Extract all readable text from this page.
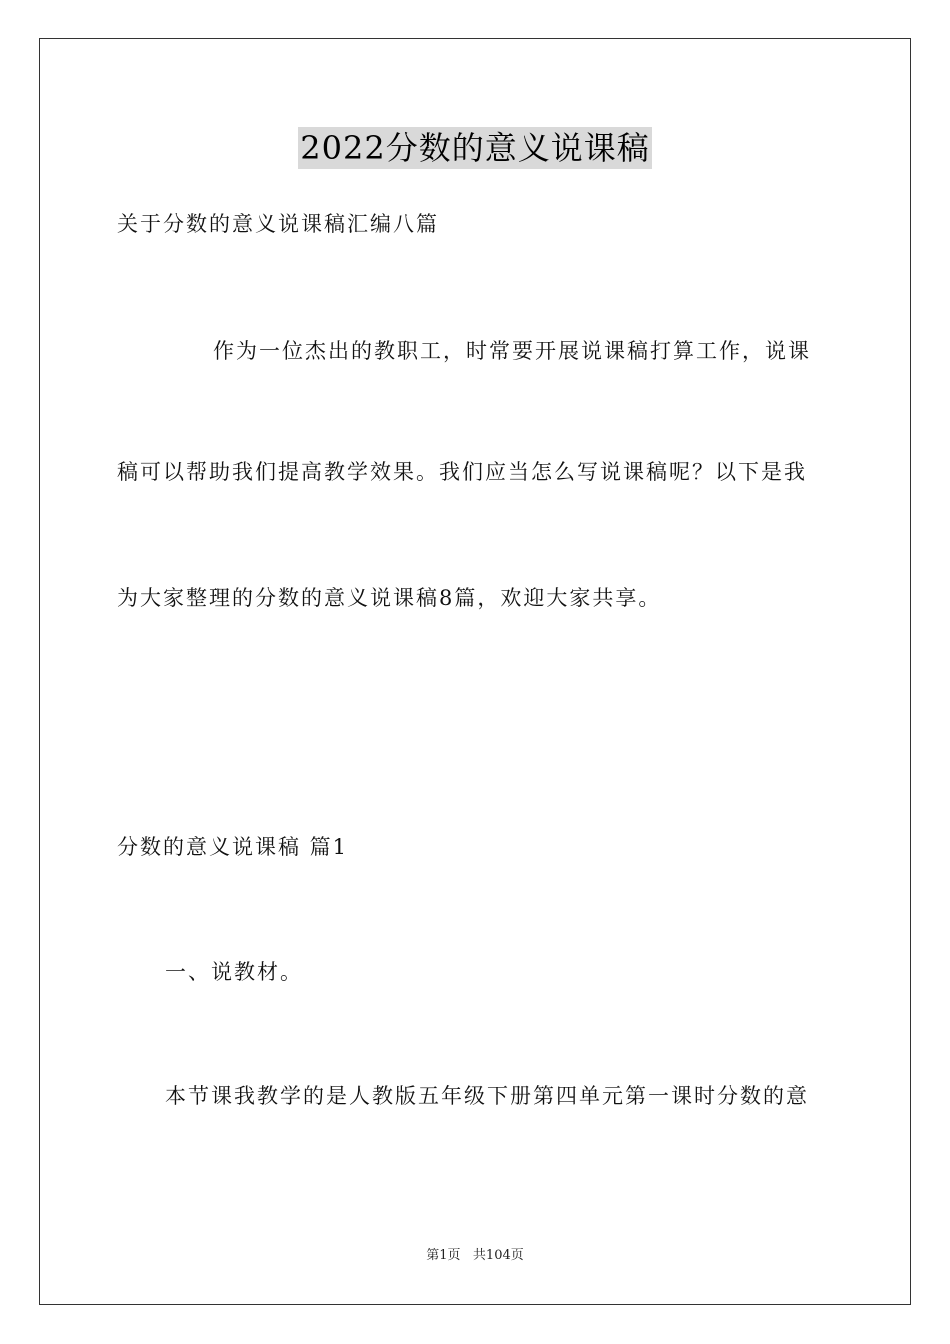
2022分数的意义说课稿
关于分数的意义说课稿汇编八篇
作为一位杰出的教职工，时常要开展说课稿打算工作，说课
稿可以帮助我们提高教学效果。我们应当怎么写说课稿呢？以下是我
为大家整理的分数的意义说课稿8篇，欢迎大家共享。
分数的意义说课稿 篇1
一、说教材。
本节课我教学的是人教版五年级下册第四单元第一课时分数的意
第1页   共104页
